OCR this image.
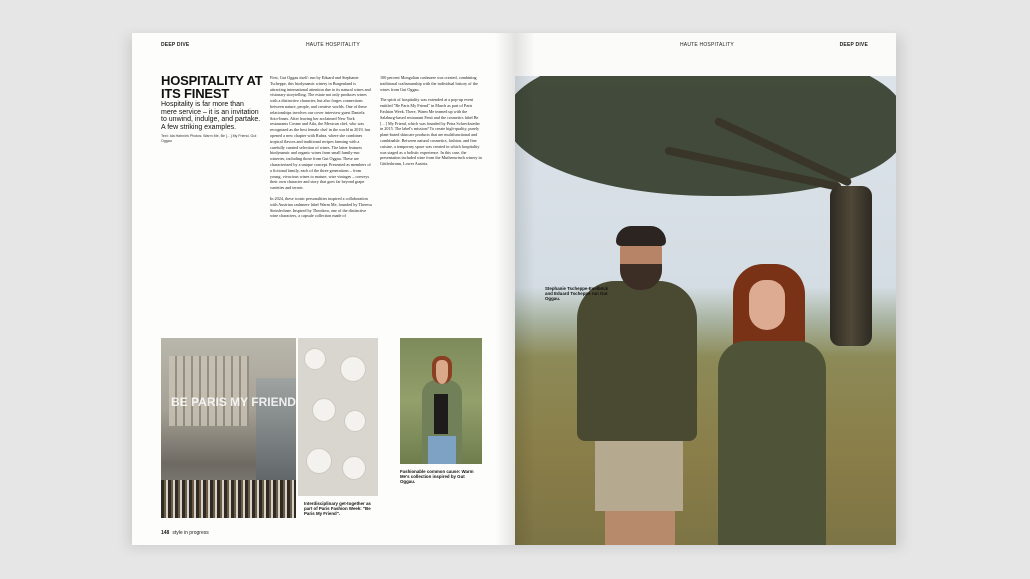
DEEP DIVE	HAUTE HOSPITALITY
HOSPITALITY AT ITS FINEST
Hospitality is far more than mere service – it is an invitation to unwind, indulge, and partake. A few striking examples.
Text: Ida Hahn/ek Photos: Warm Me, Be […] My Friend, Gut Oggau

First, Gut Oggau itself: run by Eduard and Stephanie Tscheppe, this biodynamic winery in Burgenland is attracting international attention due to its natural wines and visionary storytelling. The estate not only produces wines with a distinctive character, but also forges connections between nature, people, and creative worlds. One of these relationships involves our cover interview guest Daniela Soto-Innes. After leaving her acclaimed New York restaurants Cosme and Atla, the Mexican chef, who was recognized as the best female chef in the world in 2019, has opened a new chapter with Rubra, where she combines tropical flavors and traditional recipes farming with a carefully curated selection of wines. The latter features biodynamic and organic wines from small family-run wineries, including those from Gut Oggau. These are characterized by a unique concept. Presented as members of a fictional family, each of the three generations – from young, vivacious wines to mature, wise vintages – conveys their own character and story that goes far beyond grape varieties and terroir.

In 2024, these iconic personalities inspired a collaboration with Austrian cashmere label Warm Me, founded by Theresa Steinlechner. Inspired by Theodora, one of the distinctive wine characters, a capsule collection made of

100 percent Mongolian cashmere was created, combining traditional craftsmanship with the individual history of the wines from Gut Oggau.

The spirit of hospitality was extended at a pop-up event entitled "Be Paris My Friend" in March as part of Paris Fashion Week. There, Warm Me teamed up with the Salzburg-based restaurant Fenö and the cosmetics label Be […] My Friend, which was founded by Petra Schrecksteder in 2015. The label's mission? To create high-quality, purely plant-based skincare products that are multifunctional and combinable. Between natural cosmetics, fashion, and fine cuisine, a temporary space was created in which hospitality was staged as a holistic experience. In this case, the presentation included wine from the Muthenwinch winery in Gittlesbrunn, Lower Austria.

BE PARIS MY FRIEND
Interdisciplinary get-together as part of Paris Fashion Week: "Be Paris My Friend".
Fashionable common cause: Warm Me's collection inspired by Gut Oggau.
148 style in progress
HAUTE HOSPITALITY	DEEP DIVE
Stephanie Tscheppe-Eselböck and Eduard Tscheppe run Gut Oggau.
